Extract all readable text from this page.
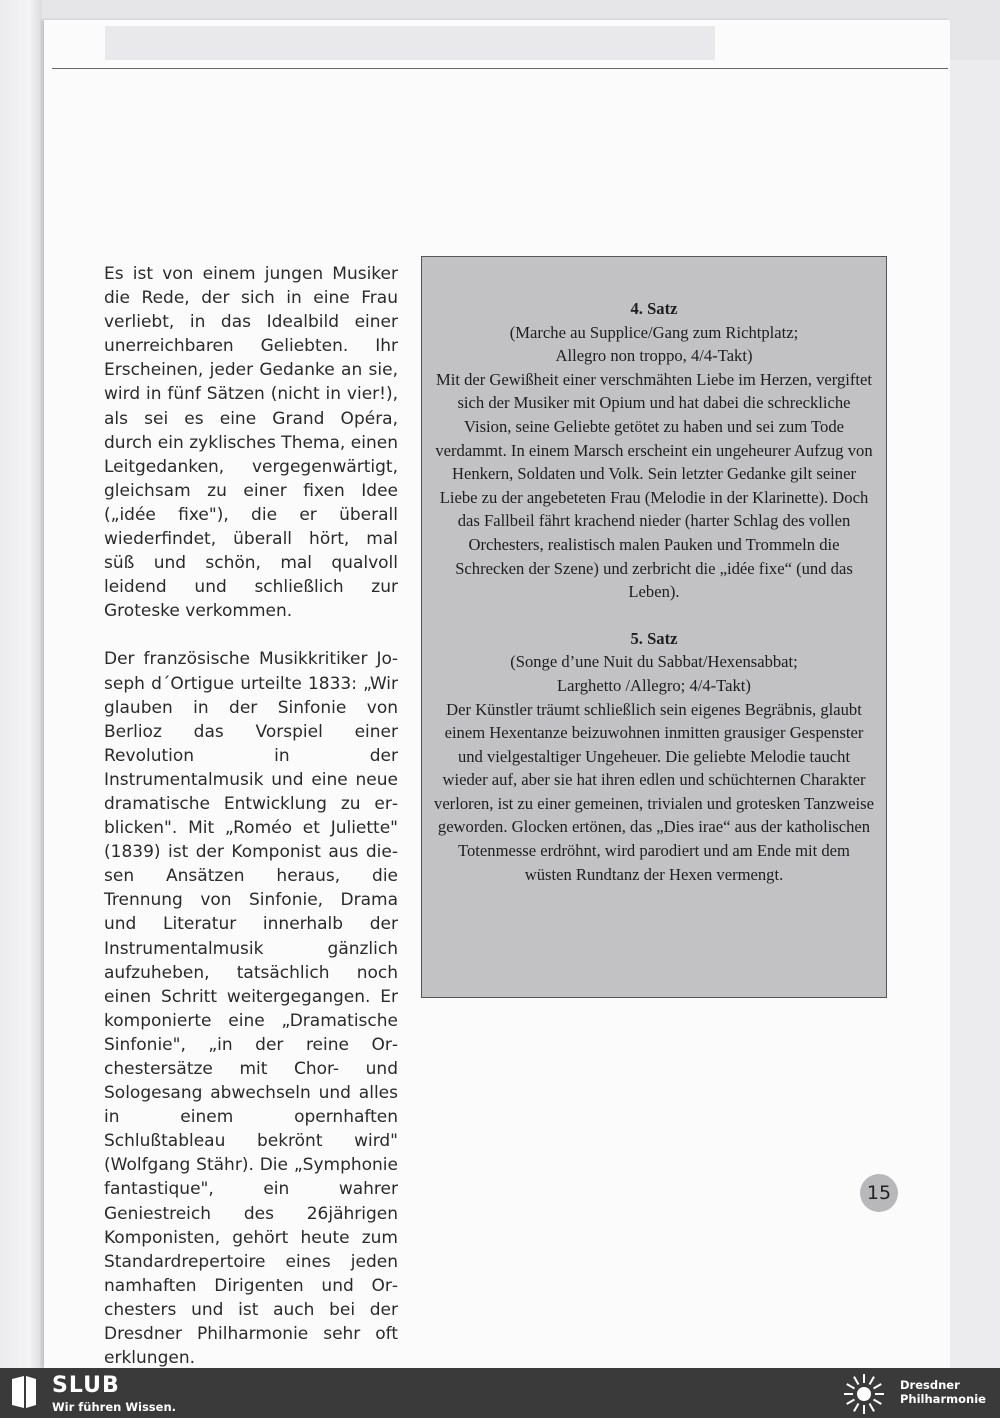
Es ist von einem jungen Musiker die Rede, der sich in eine Frau verliebt, in das Idealbild einer unerreichbaren Geliebten. Ihr Erscheinen, jeder Gedanke an sie, wird in fünf Sätzen (nicht in vier!), als sei es eine Grand Opéra, durch ein zyklisches Thema, einen Leitgedanken, vergegenwärtigt, gleichsam zu einer fixen Idee („idée fixe"), die er überall wiederfindet, überall hört, mal süß und schön, mal qualvoll leidend und schließlich zur Groteske verkommen.

Der französische Musikkritiker Joseph d´Ortigue urteilte 1833: „Wir glauben in der Sinfonie von Berlioz das Vorspiel einer Revolution in der Instrumentalmusik und eine neue dramatische Entwicklung zu erblicken". Mit „Roméo et Juliette" (1839) ist der Komponist aus diesen Ansätzen heraus, die Trennung von Sinfonie, Drama und Literatur innerhalb der Instrumentalmusik gänzlich aufzuheben, tatsächlich noch einen Schritt weitergegangen. Er komponierte eine „Dramatische Sinfonie", „in der reine Orchestersätze mit Chor- und Sologesang abwechseln und alles in einem opernhaften Schlußtableau bekrönt wird" (Wolfgang Stähr). Die „Symphonie fantastique", ein wahrer Geniestreich des 26jährigen Komponisten, gehört heute zum Standardrepertoire eines jeden namhaften Dirigenten und Orchesters und ist auch bei der Dresdner Philharmonie sehr oft erklungen.

4. Satz
(Marche au Supplice/Gang zum Richtplatz;
Allegro non troppo, 4/4-Takt)
Mit der Gewißheit einer verschmähten Liebe im Herzen, vergiftet sich der Musiker mit Opium und hat dabei die schreckliche Vision, seine Geliebte getötet zu haben und sei zum Tode verdammt. In einem Marsch erscheint ein ungeheurer Aufzug von Henkern, Soldaten und Volk. Sein letzter Gedanke gilt seiner Liebe zu der angebeteten Frau (Melodie in der Klarinette). Doch das Fallbeil fährt krachend nieder (harter Schlag des vollen Orchesters, realistisch malen Pauken und Trommeln die Schrecken der Szene) und zerbricht die „idée fixe“ (und das Leben).
5. Satz
(Songe d’une Nuit du Sabbat/Hexensabbat;
Larghetto /Allegro; 4/4-Takt)
Der Künstler träumt schließlich sein eigenes Begräbnis, glaubt einem Hexentanze beizuwohnen inmitten grausiger Gespenster und vielgestaltiger Ungeheuer. Die geliebte Melodie taucht wieder auf, aber sie hat ihren edlen und schüchternen Charakter verloren, ist zu einer gemeinen, trivialen und grotesken Tanzweise geworden. Glocken ertönen, das „Dies irae“ aus der katholischen Totenmesse erdröhnt, wird parodiert und am Ende mit dem wüsten Rundtanz der Hexen vermengt.
15
SLUB
Wir führen Wissen.
Dresdner
Philharmonie
